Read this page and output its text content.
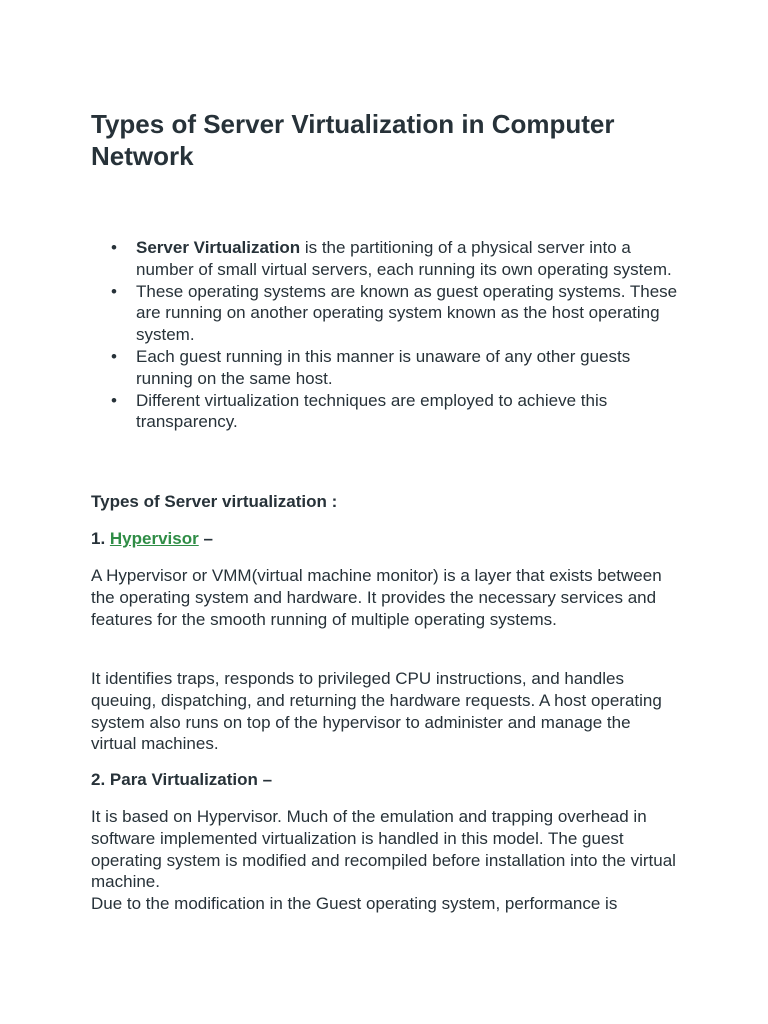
Types of Server Virtualization in Computer Network
• Server Virtualization is the partitioning of a physical server into a number of small virtual servers, each running its own operating system.
• These operating systems are known as guest operating systems. These are running on another operating system known as the host operating system.
• Each guest running in this manner is unaware of any other guests running on the same host.
• Different virtualization techniques are employed to achieve this transparency.

Types of Server virtualization :

1. Hypervisor –

A Hypervisor or VMM(virtual machine monitor) is a layer that exists between the operating system and hardware. It provides the necessary services and features for the smooth running of multiple operating systems.

It identifies traps, responds to privileged CPU instructions, and handles queuing, dispatching, and returning the hardware requests. A host operating system also runs on top of the hypervisor to administer and manage the virtual machines.

2. Para Virtualization –

It is based on Hypervisor. Much of the emulation and trapping overhead in software implemented virtualization is handled in this model. The guest operating system is modified and recompiled before installation into the virtual machine.
Due to the modification in the Guest operating system, performance is
